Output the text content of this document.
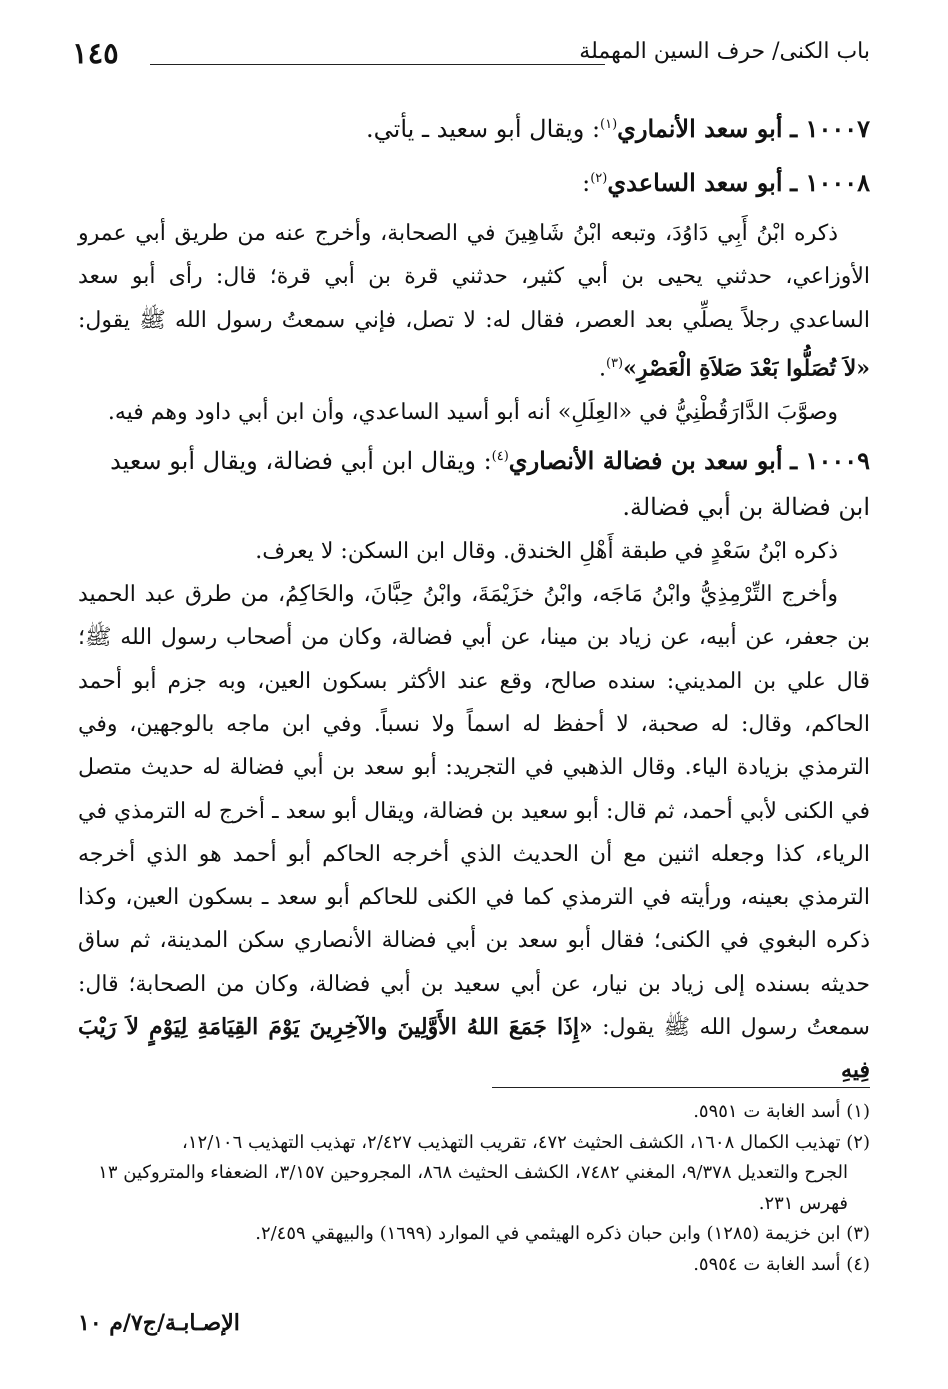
١٤٥	باب الكنى/ حرف السين المهملة

١٠٠٠٧ ـ أبو سعد الأنماري$^{(١)}$: ويقال أبو سعيد ـ يأتي.

١٠٠٠٨ ـ أبو سعد الساعدي$^{(٢)}$:

ذكره ابْنُ أَبِي دَاوُدَ، وتبعه ابْنُ شَاهِينَ في الصحابة، وأخرج عنه من طريق أبي عمرو الأوزاعي، حدثني يحيى بن أبي كثير، حدثني قرة بن أبي قرة؛ قال: رأى أبو سعد الساعدي رجلاً يصلِّي بعد العصر، فقال له: لا تصل، فإني سمعتُ رسول الله ﷺ يقول: «لاَ تُصَلُّوا بَعْدَ صَلاَةِ الْعَصْرِ»$^{(٣)}$.

وصوَّبَ الدَّارَقُطْنِيُّ في «العِلَلِ» أنه أبو أسيد الساعدي، وأن ابن أبي داود وهم فيه.

١٠٠٠٩ ـ أبو سعد بن فضالة الأنصاري$^{(٤)}$: ويقال ابن أبي فضالة، ويقال أبو سعيد ابن فضالة بن أبي فضالة.

ذكره ابْنُ سَعْدٍ في طبقة أَهْلِ الخندق. وقال ابن السكن: لا يعرف.

وأخرج التِّرْمِذِيُّ وابْنُ مَاجَه، وابْنُ خزَيْمَةَ، وابْنُ حِبَّانَ، والحَاكِمُ، من طرق عبد الحميد بن جعفر، عن أبيه، عن زياد بن مينا، عن أبي فضالة، وكان من أصحاب رسول الله ﷺ؛ قال علي بن المديني: سنده صالح، وقع عند الأكثر بسكون العين، وبه جزم أبو أحمد الحاكم، وقال: له صحبة، لا أحفظ له اسماً ولا نسباً. وفي ابن ماجه بالوجهين، وفي الترمذي بزيادة الياء. وقال الذهبي في التجريد: أبو سعد بن أبي فضالة له حديث متصل في الكنى لأبي أحمد، ثم قال: أبو سعيد بن فضالة، ويقال أبو سعد ـ أخرج له الترمذي في الرياء، كذا وجعله اثنين مع أن الحديث الذي أخرجه الحاكم أبو أحمد هو الذي أخرجه الترمذي بعينه، ورأيته في الترمذي كما في الكنى للحاكم أبو سعد ـ بسكون العين، وكذا ذكره البغوي في الكنى؛ فقال أبو سعد بن أبي فضالة الأنصاري سكن المدينة، ثم ساق حديثه بسنده إلى زياد بن نيار، عن أبي سعيد بن أبي فضالة، وكان من الصحابة؛ قال: سمعتُ رسول الله ﷺ يقول: «إِذَا جَمَعَ اللهُ الأَوَّلِينَ والآخِرِينَ يَوْمَ القِيَامَةِ لِيَوْمٍ لاَ رَيْبَ فِيهِ

(١) أسد الغابة ت ٥٩٥١.

(٢) تهذيب الكمال ١٦٠٨، الكشف الحثيث ٤٧٢، تقريب التهذيب ٢/٤٢٧، تهذيب التهذيب ١٢/١٠٦،
الجرح والتعديل ٩/٣٧٨، المغني ٧٤٨٢، الكشف الحثيث ٨٦٨، المجروحين ٣/١٥٧، الضعفاء والمتروكين ١٣ فهرس ٢٣١.

(٣) ابن خزيمة (١٢٨٥) وابن حبان ذكره الهيثمي في الموارد (١٦٩٩) والبيهقي ٢/٤٥٩.

(٤) أسد الغابة ت ٥٩٥٤.

الإصـابـة/ج٧/م ١٠
